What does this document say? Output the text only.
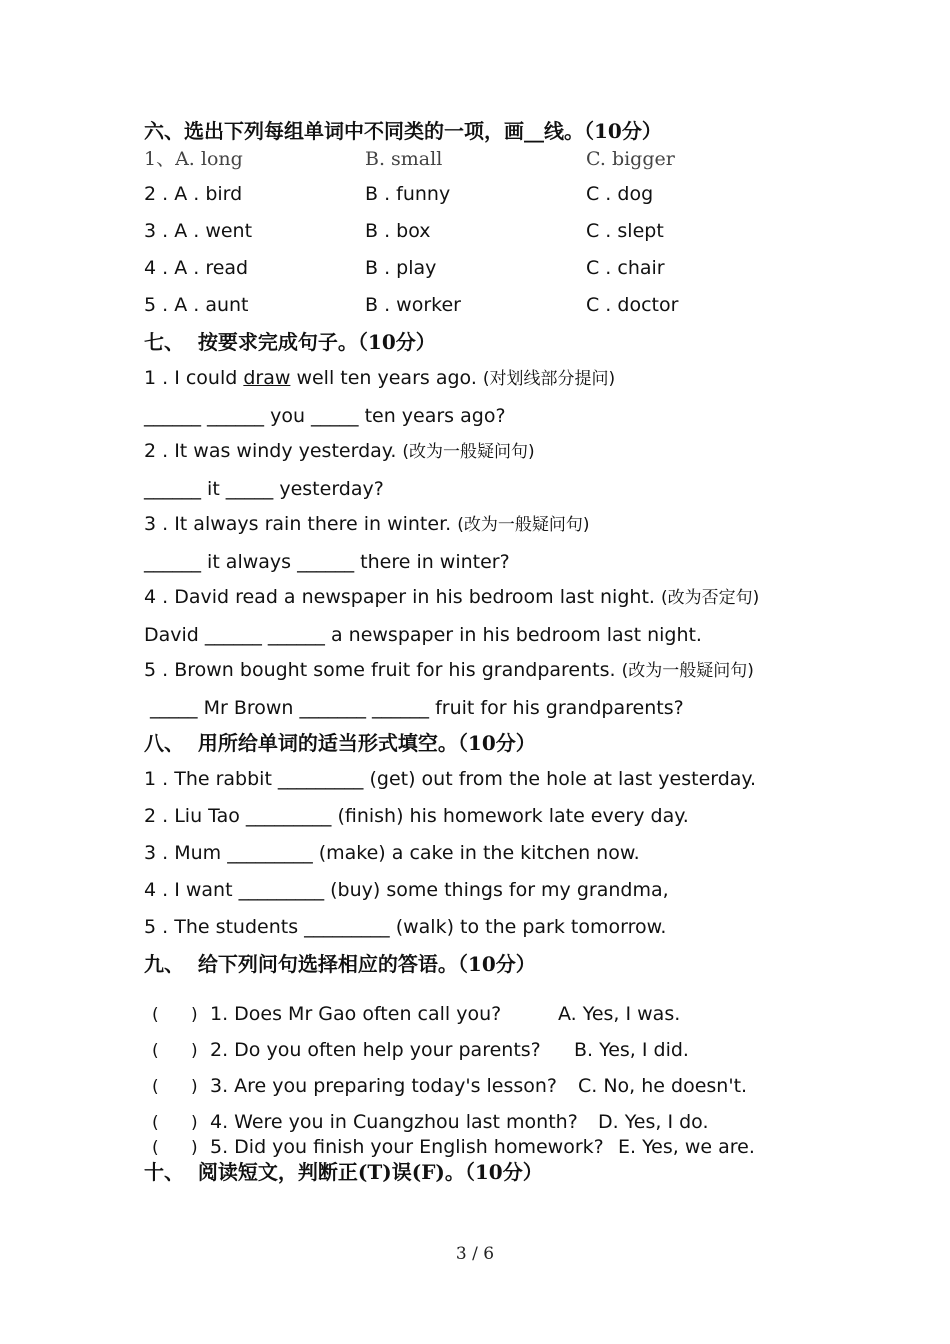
六、选出下列每组单词中不同类的一项，画__线。（10分）
1、A. long	B. small	C. bigger
2 . A . bird	B . funny	C . dog
3 . A . went	B . box	C . slept
4 . A . read	B . play	C . chair
5 . A . aunt	B . worker	C . doctor
七、  按要求完成句子。（10分）
1 . I could draw well ten years ago. (对划线部分提问)
______ ______ you _____ ten years ago?
2 . It was windy yesterday. (改为一般疑问句)
______ it _____ yesterday?
3 . It always rain there in winter. (改为一般疑问句)
______ it always ______ there in winter?
4 . David read a newspaper in his bedroom last night. (改为否定句)
David ______ ______ a newspaper in his bedroom last night.
5 . Brown bought some fruit for his grandparents. (改为一般疑问句)
_____ Mr Brown _______ ______ fruit for his grandparents?
八、  用所给单词的适当形式填空。（10分）
1 . The rabbit _________ (get) out from the hole at last yesterday.
2 . Liu Tao _________ (finish) his homework late every day.
3 . Mum _________ (make) a cake in the kitchen now.
4 . I want _________ (buy) some things for my grandma,
5 . The students _________ (walk) to the park tomorrow.
九、  给下列问句选择相应的答语。（10分）
(      ) 1. Does Mr Gao often call you?	A. Yes, I was.
(      ) 2. Do you often help your parents? B. Yes, I did.
(      ) 3. Are you preparing today's lesson? C. No, he doesn't.
(      ) 4. Were you in Cuangzhou last month? D. Yes, I do.
(      ) 5. Did you finish your English homework? E. Yes, we are.
十、  阅读短文，判断正(T)误(F)。（10分）
3 / 6
